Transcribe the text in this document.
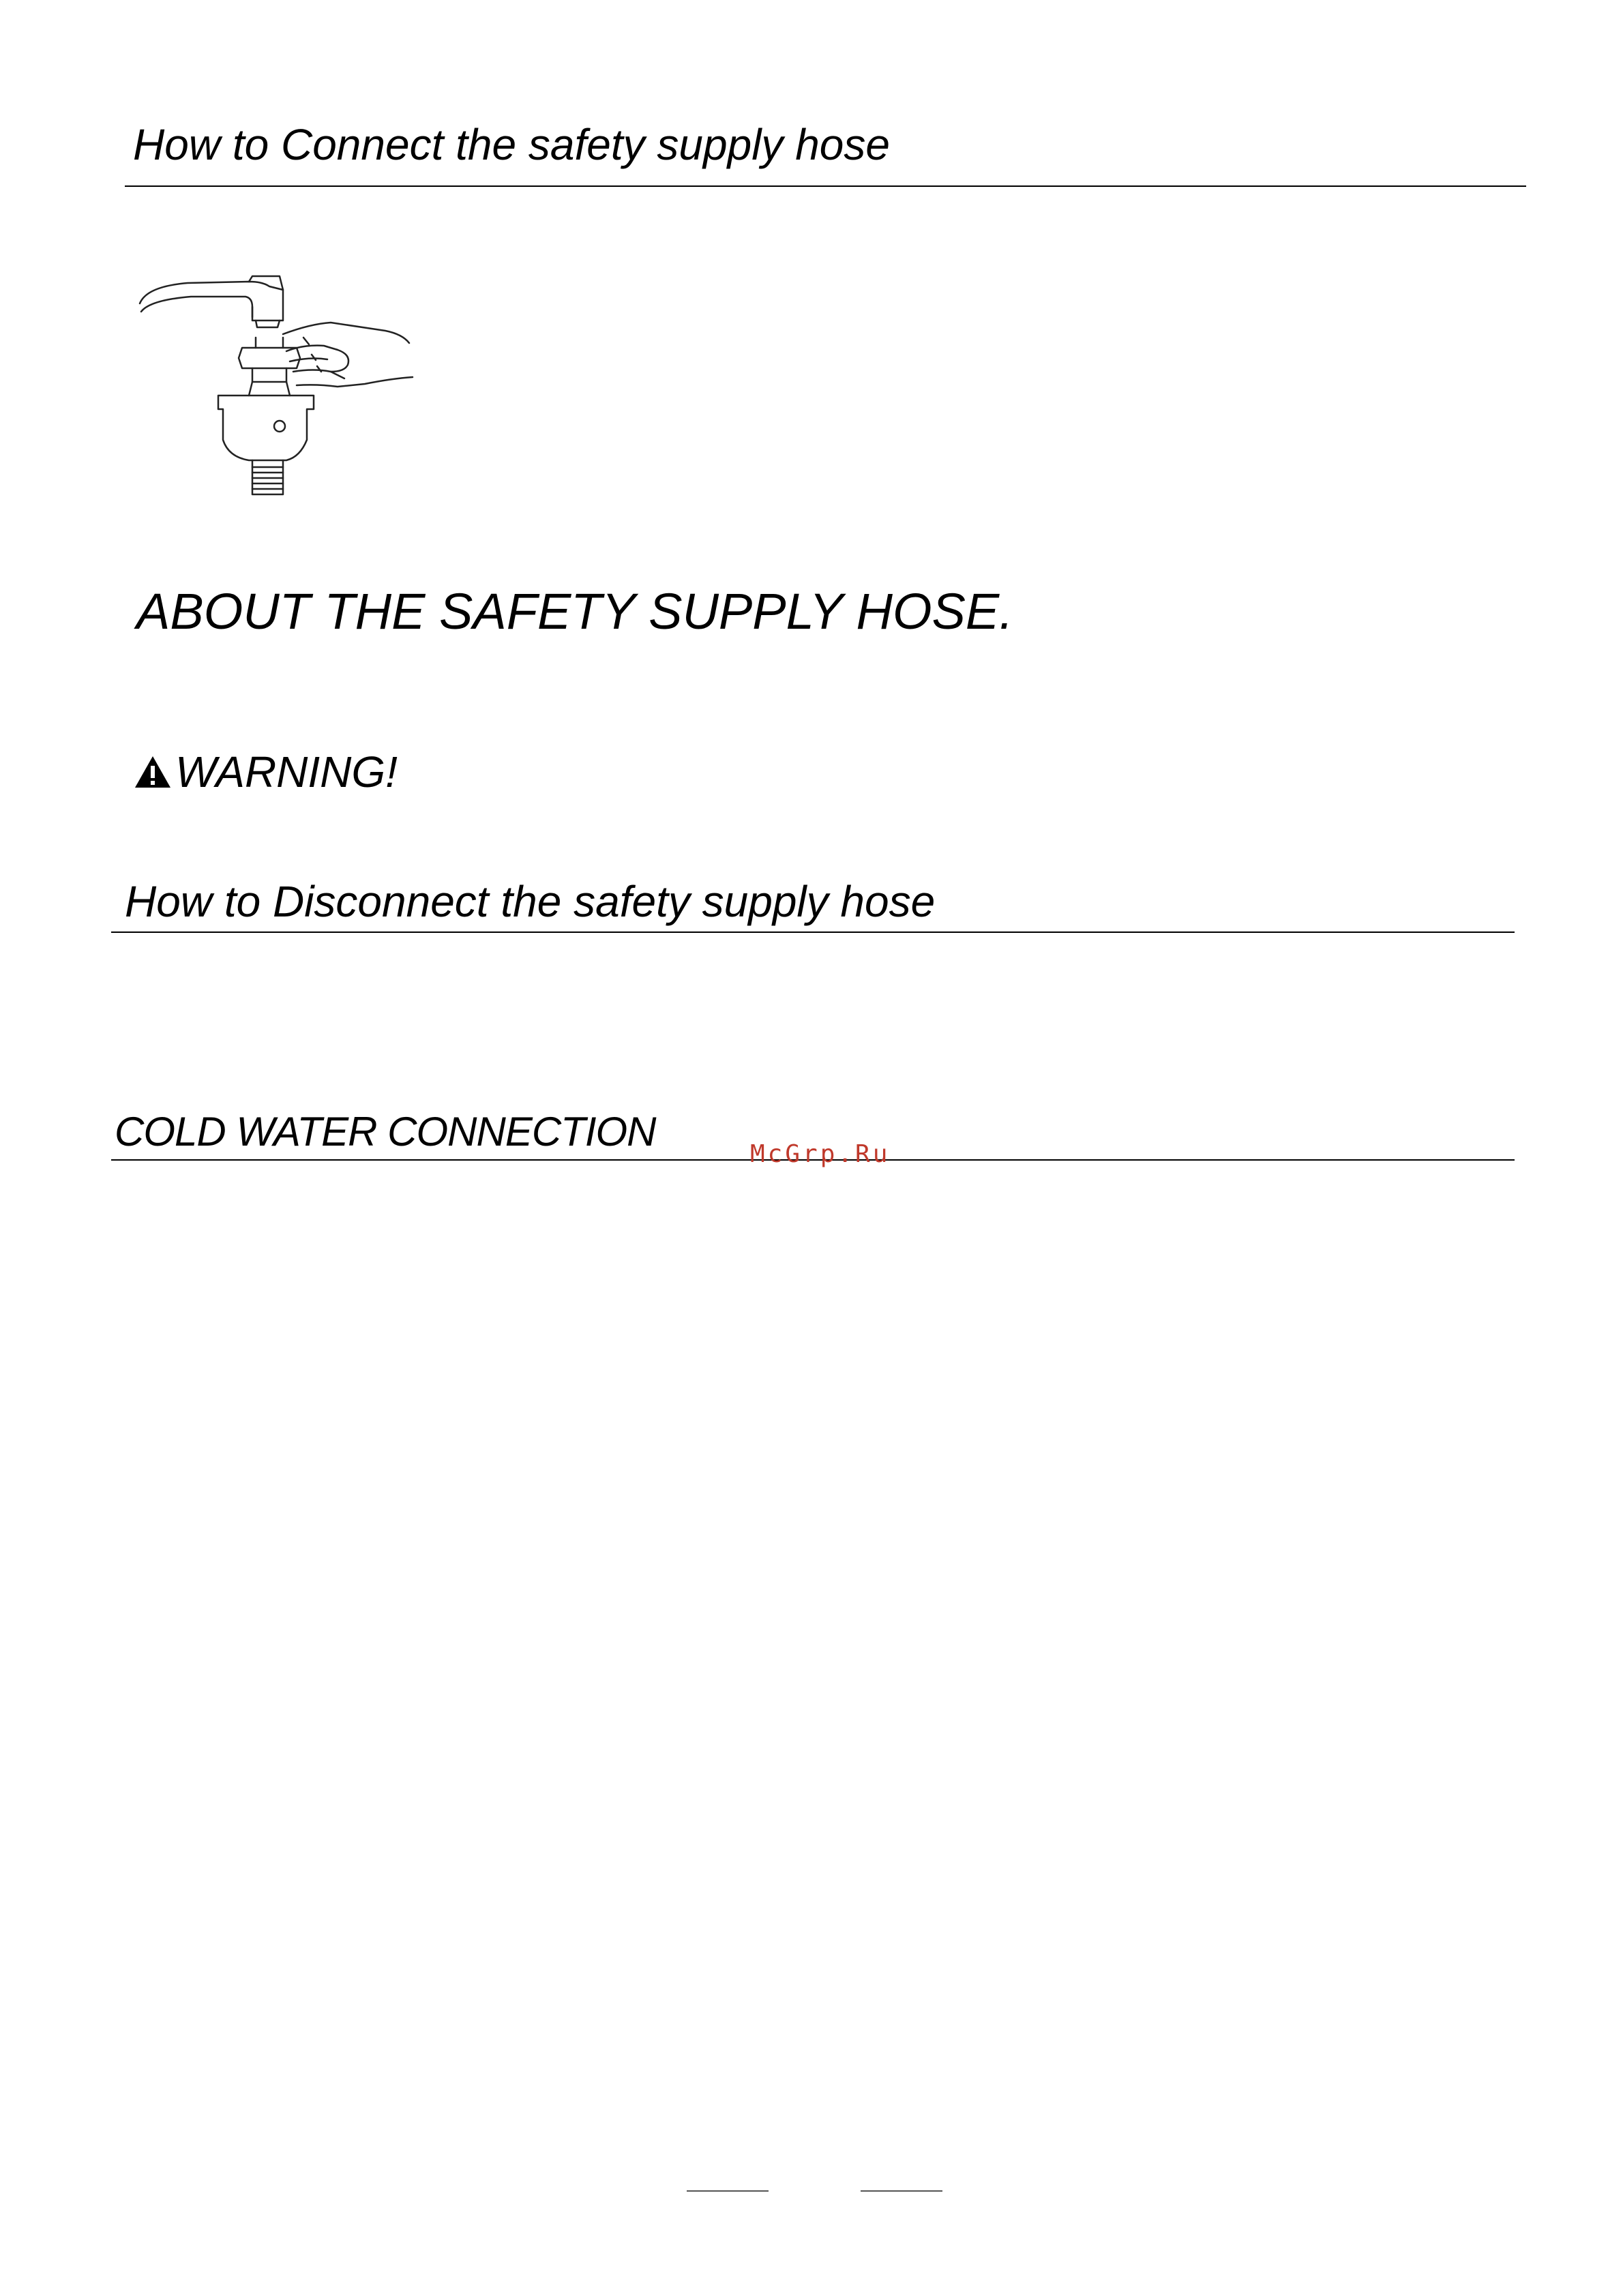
How to Connect the safety supply hose
ABOUT THE SAFETY SUPPLY HOSE.
WARNING!
How to Disconnect the safety supply hose
COLD WATER CONNECTION	McGrp.Ru
